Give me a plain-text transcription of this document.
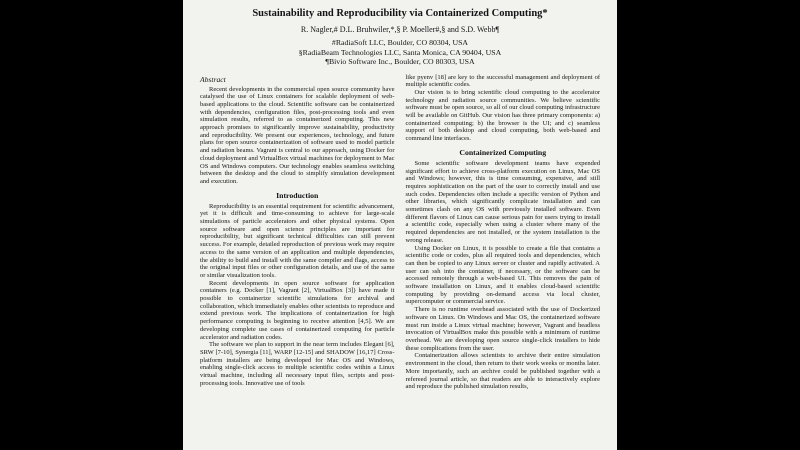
Sustainability and Reproducibility via Containerized Computing*
R. Nagler,# D.L. Bruhwiler,*,§ P. Moeller#,§ and S.D. Webb¶
#RadiaSoft LLC, Boulder, CO 80304, USA
§RadiaBeam Technologies LLC, Santa Monica, CA 90404, USA
¶Bivio Software Inc., Boulder, CO 80303, USA
Abstract

Recent developments in the commercial open source community have catalysed the use of Linux containers for scalable deployment of web-based applications to the cloud. Scientific software can be containerized with dependencies, configuration files, post-processing tools and even simulation results, referred to as containerized computing. This new approach promises to significantly improve sustainability, productivity and reproducibility. We present our experiences, technology, and future plans for open source containerization of software used to model particle and radiation beams. Vagrant is central to our approach, using Docker for cloud deployment and VirtualBox virtual machines for deployment to Mac OS and Windows computers. Our technology enables seamless switching between the desktop and the cloud to simplify simulation development and execution.

Introduction

Reproducibility is an essential requirement for scientific advancement, yet it is difficult and time-consuming to achieve for large-scale simulations of particle accelerators and other physical systems. Open source software and open science principles are important for reproducibility, but significant technical difficulties can still prevent success. For example, detailed reproduction of previous work may require access to the same version of an application and multiple dependencies, the ability to build and install with the same compiler and flags, access to the original input files or other configuration details, and use of the same or similar visualization tools.

Recent developments in open source software for application containers (e.g. Docker [1], Vagrant [2], VirtualBox [3]) have made it possible to containerize scientific simulations for archival and collaboration, which immediately enables other scientists to reproduce and extend previous work. The implications of containerization for high performance computing is beginning to receive attention [4,5]. We are developing complete use cases of containerized computing for particle accelerator and radiation codes.

The software we plan to support in the near term includes Elegant [6], SRW [7-10], Synergia [11], WARP [12-15] and SHADOW [16,17] Cross-platform installers are being developed for Mac OS and Windows, enabling single-click access to multiple scientific codes within a Linux virtual machine, including all necessary input files, scripts and post-processing tools. Innovative use of tools

like pyenv [18] are key to the successful management and deployment of multiple scientific codes.

Our vision is to bring scientific cloud computing to the accelerator technology and radiation source communities. We believe scientific software must be open source, so all of our cloud computing infrastructure will be available on GitHub. Our vision has three primary components: a) containerized computing; b) the browser is the UI; and c) seamless support of both desktop and cloud computing, both web-based and command line interfaces.

Containerized Computing

Some scientific software development teams have expended significant effort to achieve cross-platform execution on Linux, Mac OS and Windows; however, this is time consuming, expensive, and still requires sophistication on the part of the user to correctly install and use such codes. Dependencies often include a specific version of Python and other libraries, which significantly complicate installation and can sometimes clash on any OS with previously installed software. Even different flavors of Linux can cause serious pain for users trying to install a scientific code, especially when using a cluster where many of the required dependencies are not installed, or the system installation is the wrong release.

Using Docker on Linux, it is possible to create a file that contains a scientific code or codes, plus all required tools and dependencies, which can then be copied to any Linux server or cluster and rapidly activated. A user can ssh into the container, if necessary, or the software can be accessed remotely through a web-based UI. This removes the pain of software installation on Linux, and it enables cloud-based scientific computing by providing on-demand access via local cluster, supercomputer or commercial service.

There is no runtime overhead associated with the use of Dockerized software on Linux. On Windows and Mac OS, the containerized software must run inside a Linux virtual machine; however, Vagrant and headless invocation of VirtualBox make this possible with a minimum of runtime overhead. We are developing open source single-click installers to hide these complications from the user.

Containerization allows scientists to archive their entire simulation environment in the cloud, then return to their work weeks or months later. More importantly, such an archive could be published together with a refereed journal article, so that readers are able to interactively explore and reproduce the published simulation results,
